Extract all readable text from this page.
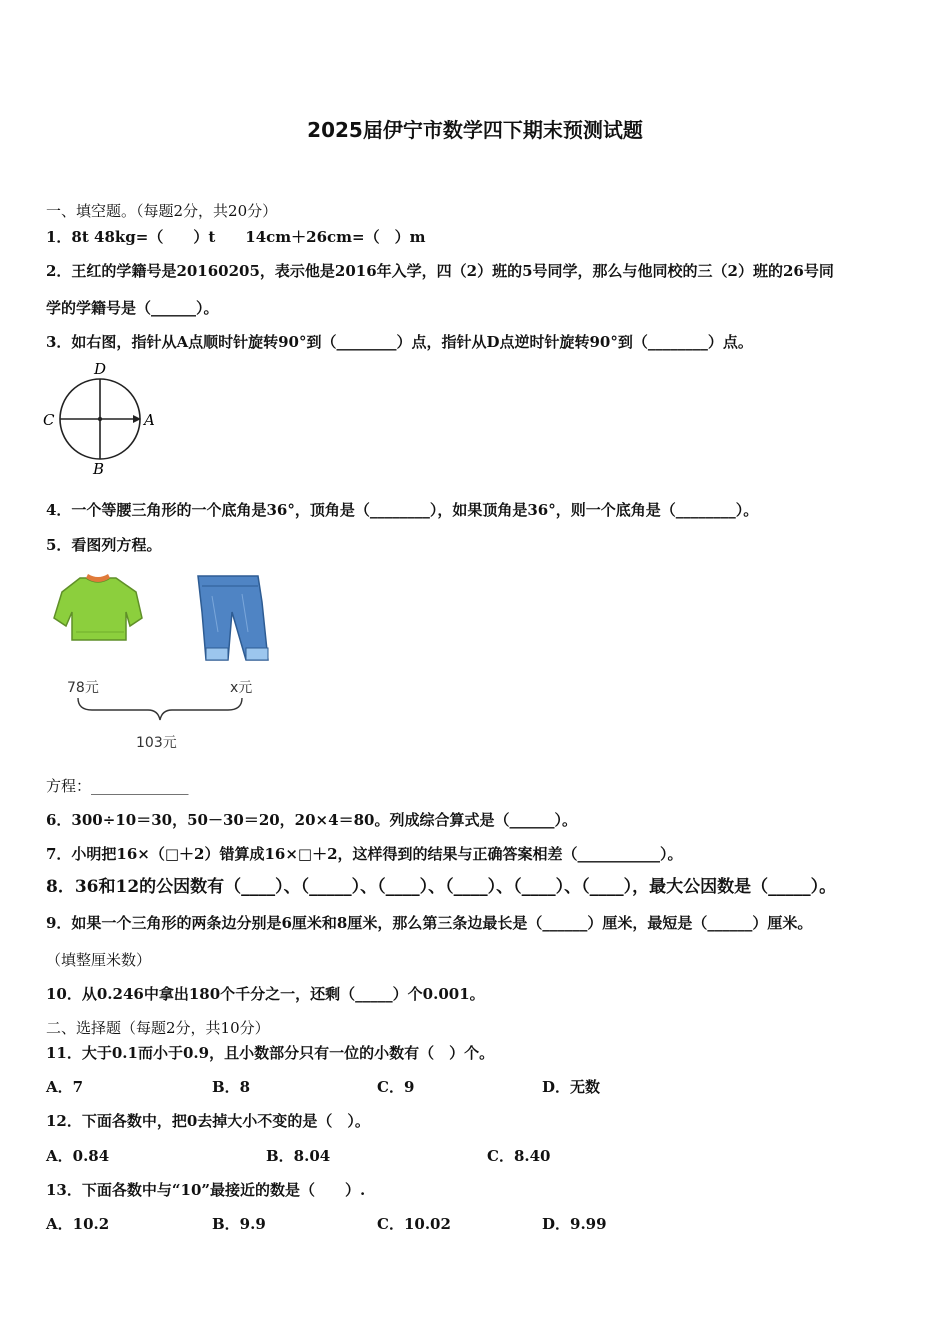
2025届伊宁市数学四下期末预测试题
一、填空题。（每题2分，共20分）
1．8t 48kg=（　　）t　　14cm＋26cm=（　）m
2．王红的学籍号是20160205，表示他是2016年入学，四（2）班的5号同学，那么与他同校的三（2）班的26号同
学的学籍号是（______）。
3．如右图，指针从A点顺时针旋转90°到（________）点，指针从D点逆时针旋转90°到（________）点。
D
A
B
C
4．一个等腰三角形的一个底角是36°，顶角是（________），如果顶角是36°，则一个底角是（________）。
5．看图列方程。
78元	x元
103元
方程：_____________
6．300÷10＝30，50－30＝20，20×4＝80。列成综合算式是（______）。
7．小明把16×（□＋2）错算成16×□＋2，这样得到的结果与正确答案相差（___________）。
8．36和12的公因数有（____）、（_____）、（____）、（____）、（____）、（____），最大公因数是（_____）。
9．如果一个三角形的两条边分别是6厘米和8厘米，那么第三条边最长是（______）厘米，最短是（______）厘米。
（填整厘米数）
10．从0.246中拿出180个千分之一，还剩（_____）个0.001。
二、选择题（每题2分，共10分）
11．大于0.1而小于0.9，且小数部分只有一位的小数有（　）个。
A．7	B．8	C．9	D．无数
12．下面各数中，把0去掉大小不变的是（　）。
A．0.84	B．8.04	C．8.40
13．下面各数中与“10”最接近的数是（　　）.
A．10.2	B．9.9	C．10.02	D．9.99
